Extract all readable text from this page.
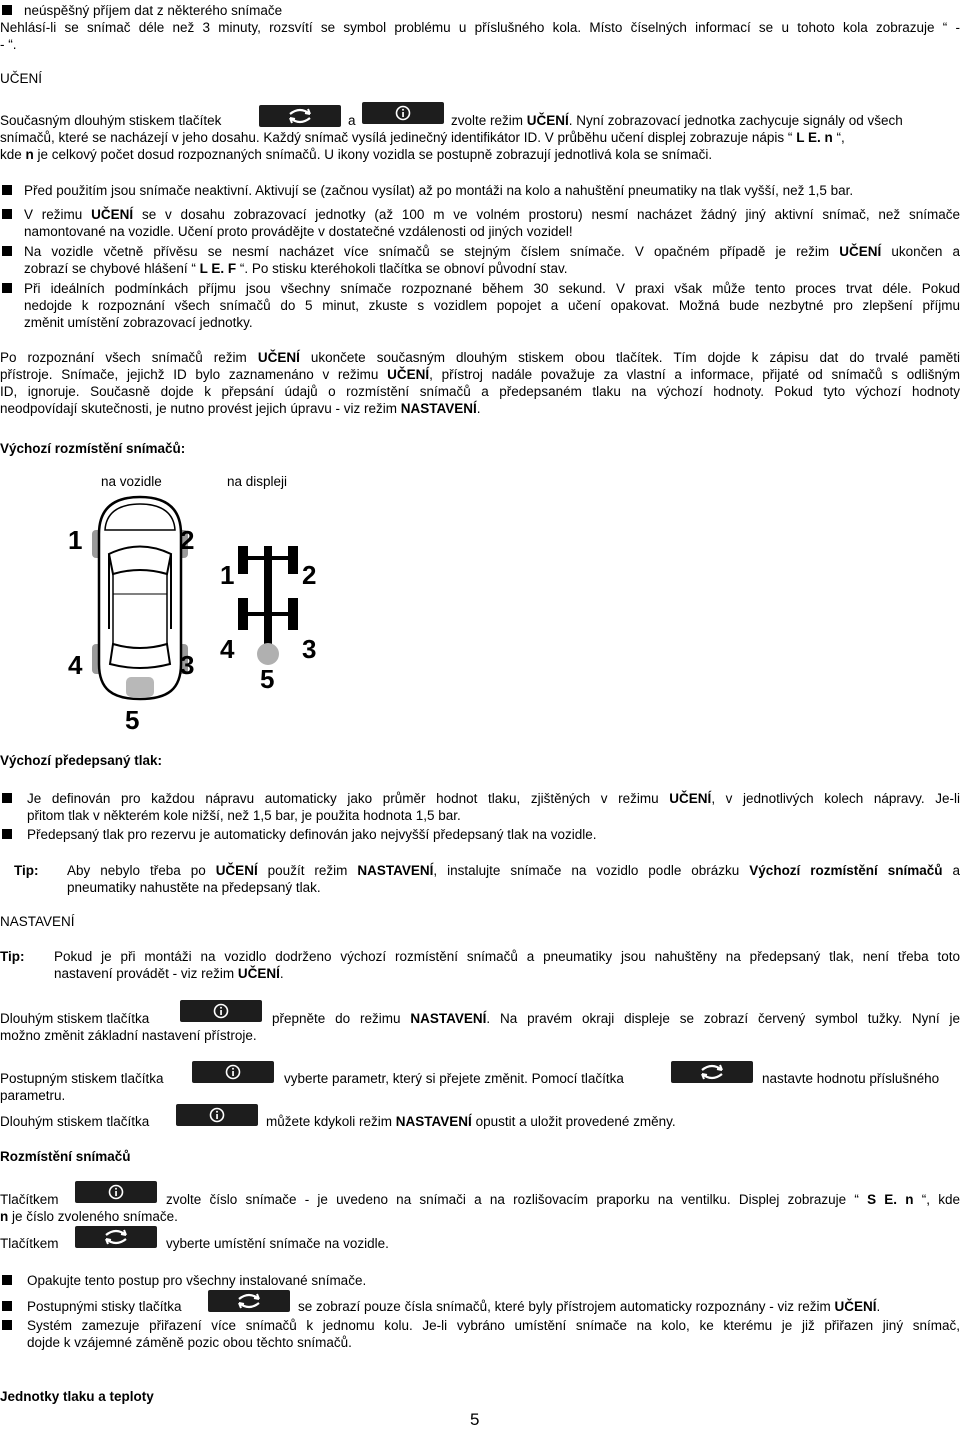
neúspěšný příjem dat z některého snímače
Nehlásí-li se snímač déle než 3 minuty, rozsvítí se symbol problému u příslušného kola. Místo číselných informací se u tohoto kola zobrazuje “ -
- “.
UČENÍ
Současným dlouhým stiskem tlačítek	a	zvolte režim UČENÍ. Nyní zobrazovací jednotka zachycuje signály od všech
snímačů, které se nacházejí v jeho dosahu. Každý snímač vysílá jedinečný identifikátor ID. V průběhu učení displej zobrazuje nápis “ L E. n “,
kde n je celkový počet dosud rozpoznaných snímačů. U ikony vozidla se postupně zobrazují jednotlivá kola se snímači.
Před použitím jsou snímače neaktivní. Aktivují se (začnou vysílat) až po montáži na kolo a nahuštění pneumatiky na tlak vyšší, než 1,5 bar.
V režimu UČENÍ se v dosahu zobrazovací jednotky (až 100 m ve volném prostoru) nesmí nacházet žádný jiný aktivní snímač, než snímače
namontované na vozidle. Učení proto provádějte v dostatečné vzdálenosti od jiných vozidel!
Na vozidle včetně přívěsu se nesmí nacházet více snímačů se stejným číslem snímače. V opačném případě je režim UČENÍ ukončen a
zobrazí se chybové hlášení “ L E. F “. Po stisku kteréhokoli tlačítka se obnoví původní stav.
Při ideálních podmínkách příjmu jsou všechny snímače rozpoznané během 30 sekund. V praxi však může tento proces trvat déle. Pokud
nedojde k rozpoznání všech snímačů do 5 minut, zkuste s vozidlem popojet a učení opakovat. Možná bude nezbytné pro zlepšení příjmu
změnit umístění zobrazovací jednotky.
Po rozpoznání všech snímačů režim UČENÍ ukončete současným dlouhým stiskem obou tlačítek. Tím dojde k zápisu dat do trvalé paměti
přístroje. Snímače, jejichž ID bylo zaznamenáno v režimu UČENÍ, přístroj nadále považuje za vlastní a informace, přijaté od snímačů s odlišným
ID, ignoruje. Současně dojde k přepsání údajů o rozmístění snímačů a předepsaném tlaku na výchozí hodnoty. Pokud tyto výchozí hodnoty
neodpovídají skutečnosti, je nutno provést jejich úpravu - viz režim NASTAVENÍ.
Výchozí rozmístění snímačů:
na vozidle	na displeji
1	2
4	3
5
1	2
4	3
5
Výchozí předepsaný tlak:
Je definován pro každou nápravu automaticky jako průměr hodnot tlaku, zjištěných v režimu UČENÍ, v jednotlivých kolech nápravy. Je-li
přitom tlak v některém kole nižší, než 1,5 bar, je použita hodnota 1,5 bar.
Předepsaný tlak pro rezervu je automaticky definován jako nejvyšší předepsaný tlak na vozidle.
Tip:	Aby nebylo třeba po UČENÍ použít režim NASTAVENÍ, instalujte snímače na vozidlo podle obrázku Výchozí rozmístění snímačů a
pneumatiky nahustěte na předepsaný tlak.
NASTAVENÍ
Tip:	Pokud je při montáži na vozidlo dodrženo výchozí rozmístění snímačů a pneumatiky jsou nahuštěny na předepsaný tlak, není třeba toto
nastavení provádět - viz režim UČENÍ.
Dlouhým stiskem tlačítka	přepněte do režimu NASTAVENÍ. Na pravém okraji displeje se zobrazí červený symbol tužky. Nyní je
možno změnit základní nastavení přístroje.
Postupným stiskem tlačítka	vyberte parametr, který si přejete změnit. Pomocí tlačítka	nastavte hodnotu příslušného
parametru.
Dlouhým stiskem tlačítka	můžete kdykoli režim NASTAVENÍ opustit a uložit provedené změny.
Rozmístění snímačů
Tlačítkem	zvolte číslo snímače - je uvedeno na snímači a na rozlišovacím praporku na ventilku. Displej zobrazuje “ S E. n “, kde
n je číslo zvoleného snímače.
Tlačítkem	vyberte umístění snímače na vozidle.
Opakujte tento postup pro všechny instalované snímače.
Postupnými stisky tlačítka	se zobrazí pouze čísla snímačů, které byly přístrojem automaticky rozpoznány - viz režim UČENÍ.
Systém zamezuje přiřazení více snímačů k jednomu kolu. Je-li vybráno umístění snímače na kolo, ke kterému je již přiřazen jiný snímač,
dojde k vzájemné záměně pozic obou těchto snímačů.
Jednotky tlaku a teploty
5
